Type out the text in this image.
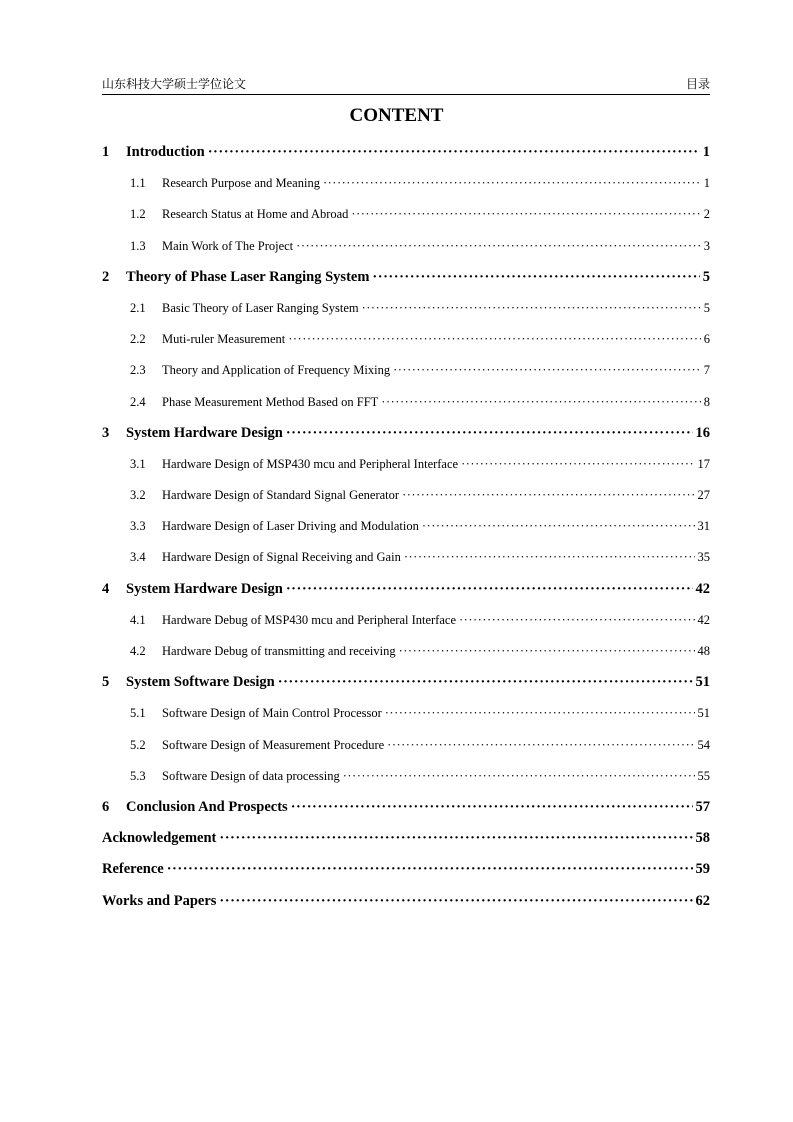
山东科技大学硕士学位论文	目录
CONTENT
1	Introduction ·····	1
1.1	Research Purpose and Meaning ·····	1
1.2	Research Status at Home and Abroad ·····	2
1.3	Main Work of The Project ·····	3
2	Theory of Phase Laser Ranging System ·····	5
2.1	Basic Theory of Laser Ranging System ·····	5
2.2	Muti-ruler Measurement ·····	6
2.3	Theory and Application of Frequency Mixing ·····	7
2.4	Phase Measurement Method Based on FFT ·····	8
3	System Hardware Design ·····	16
3.1	Hardware Design of MSP430 mcu and Peripheral Interface ·····	17
3.2	Hardware Design of Standard Signal Generator ·····	27
3.3	Hardware Design of Laser Driving and Modulation ·····	31
3.4	Hardware Design of Signal Receiving and Gain ·····	35
4	System Hardware Design ·····	42
4.1	Hardware Debug of MSP430 mcu and Peripheral Interface ·····	42
4.2	Hardware Debug of transmitting and receiving ·····	48
5	System Software Design ·····	51
5.1	Software Design of Main Control Processor ·····	51
5.2	Software Design of Measurement Procedure ·····	54
5.3	Software Design of data processing ·····	55
6	Conclusion And Prospects ·····	57
Acknowledgement ·····	58
Reference ·····	59
Works and Papers ·····	62
